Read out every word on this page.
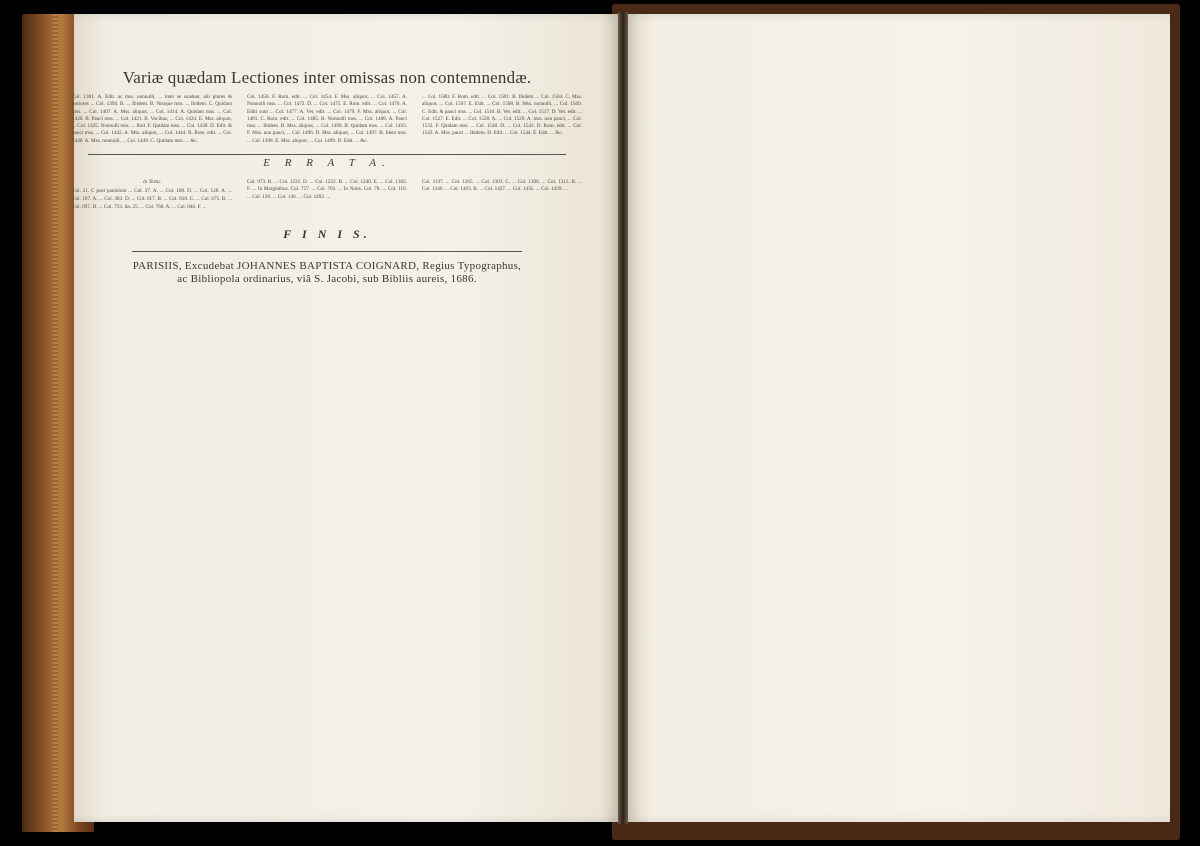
Variæ quædam Lectiones inter omissas non contemnendæ.

Col. 1381. A. Edit. ac mss. nonnulli, ... inter se suadeat, alii plures & potiores ... Col. 1394. B. ... Ibidem. B. Nisique mss. ... Ibidem. C. Quidam mss. ... Col. 1407. A. Mss. aliquot, ... Col. 1414. A. Quidam mss. ... Col. 1420. B. Pauci mss. ... Col. 1421. B. Vocibus, ... Col. 1424. E. Mss. aliquot, ... Col. 1425. Nonnulli mss. ... Ibid. F. Quidam mss. ... Col. 1438. D. Edit. & pauci mss. ... Col. 1442. A. Mss. aliquot, ... Col. 1444. B. Rom. edit. ... Col. 1448. A. Mss. nonnulli, ... Col. 1449. C. Quidam mss. ... &c.

Col. 1450. F. Rom. edit. ... Col. 1454. F. Mss. aliquot, ... Col. 1457. A. Nonnulli mss. ... Col. 1472. D. ... Col. 1475. E. Rom. edit. ... Col. 1476. A. Editi cum ... Col. 1477. A. Vet. edit. ... Col. 1479. F. Mss. aliquot, ... Col. 1481. C. Rom. edit. ... Col. 1485. B. Nonnulli mss. ... Col. 1488. A. Pauci mss. ... Ibidem. B. Mss. aliquot, ... Col. 1490. B. Quidam mss. ... Col. 1493. F. Mss. non pauci, ... Col. 1496. D. Mss. aliquot, ... Col. 1497. B. Idem mss. ... Col. 1498. E. Mss. aliquot, ... Col. 1499. D. Edit. ... &c.

... Col. 1500. F. Rom. edit. ... Col. 1501. B. Ibidem ... Col. 1504. C. Mss. aliquot, ... Col. 1507. E. Edit. ... Col. 1508. B. Mss. nonnulli, ... Col. 1509. C. Edit. & pauci mss. ... Col. 1510. B. Vet. edit. ... Col. 1517. D. Vet. edit. ... Col. 1527. E. Edit. ... Col. 1528. A. ... Col. 1529. A. mss. non pauci, ... Col. 1533. F. Quidam mss. ... Col. 1540. D. ... Col. 1542. D. Rom. edit. ... Col. 1543. A. Mss. pauci ... Ibidem. D. Edit. ... Col. 1544. E. Edit. ... &c.

E R R A T A.
In Textu.

Col. 21. C post paululum ... Col. 37. A. ... Col. 108. D. ... Col. 128. A. ... Col. 187. A. ... Col. 383. D. ... Col. 617. B. ... Col. 618. C. ... Col. 675. B. ... Col. 697. D. ... Col. 733. lin. 25. ... Col. 768. A. ... Col. 846. F. ...

Col. 973. B. ... Col. 1231. D. ... Col. 1222. B. ... Col. 1240. E. ... Col. 1302. F. ... In Marginibus. Col. 757. ... Col. 783. ... In Notis. Col. 78. ... Col. 116. ... Col. 126. ... Col. 146. ... Col. 1492. ...

Col. 1137. ... Col. 1265. ... Col. 1303. C. ... Col. 1306. ... Col. 1313. B. ... Col. 1346. ... Col. 1403. B. ... Col. 1427. ... Col. 1435. ... Col. 1439. ...

F I N I S.
PARISIIS, Excudebat JOHANNES BAPTISTA COIGNARD, Regius Typographus,
ac Bibliopola ordinarius, viâ S. Jacobi, sub Bibliis aureis, 1686.
